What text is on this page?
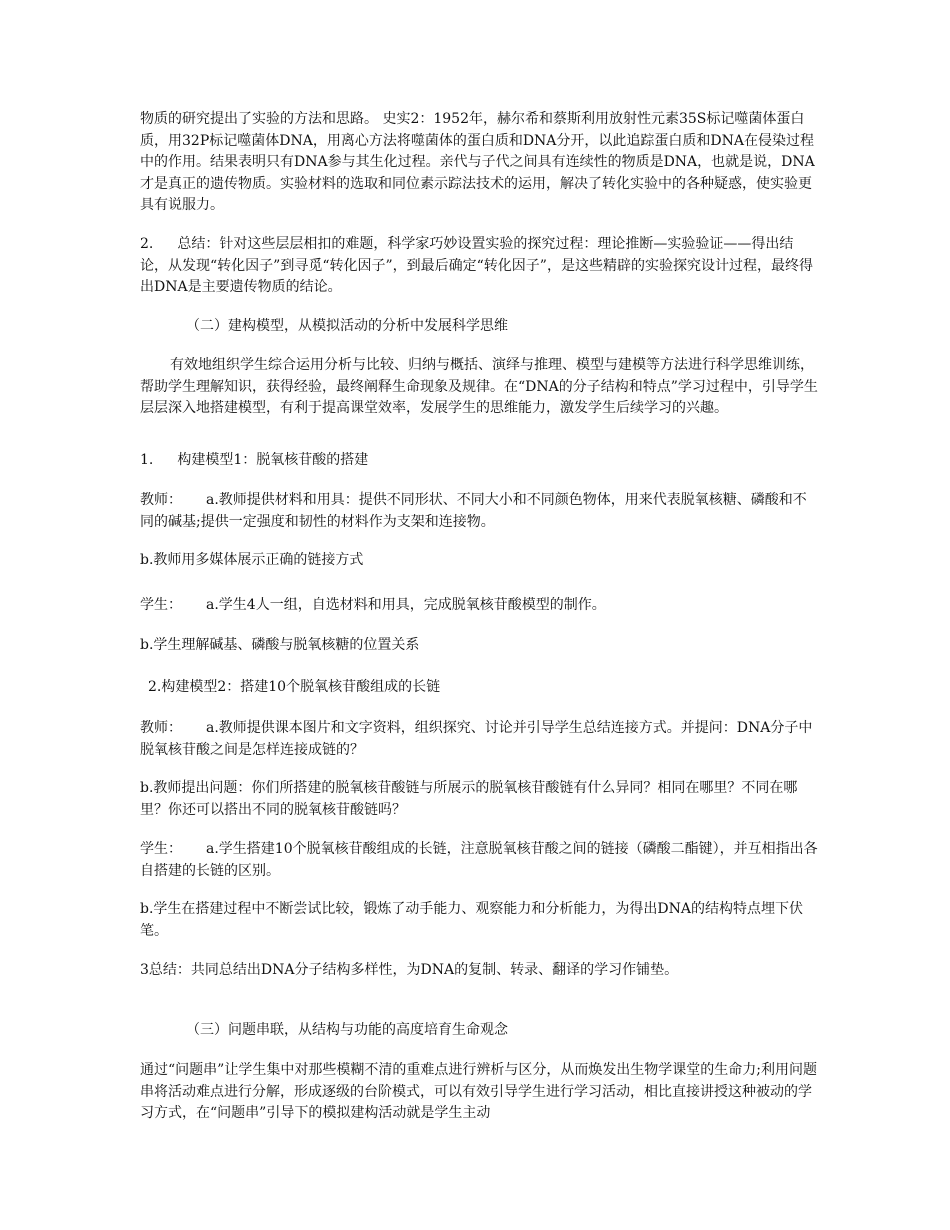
物质的研究提出了实验的方法和思路。 史实2：1952年，赫尔希和蔡斯利用放射性元素35S标记噬菌体蛋白质，用32P标记噬菌体DNA，用离心方法将噬菌体的蛋白质和DNA分开，以此追踪蛋白质和DNA在侵染过程中的作用。结果表明只有DNA参与其生化过程。亲代与子代之间具有连续性的物质是DNA，也就是说，DNA才是真正的遗传物质。实验材料的选取和同位素示踪法技术的运用，解决了转化实验中的各种疑惑，使实验更具有说服力。

2. 总结：针对这些层层相扣的难题，科学家巧妙设置实验的探究过程：理论推断—实验验证——得出结论，从发现“转化因子”到寻觅“转化因子”，到最后确定“转化因子”，是这些精辟的实验探究设计过程，最终得出DNA是主要遗传物质的结论。

（二）建构模型，从模拟活动的分析中发展科学思维

有效地组织学生综合运用分析与比较、归纳与概括、演绎与推理、模型与建模等方法进行科学思维训练，帮助学生理解知识，获得经验，最终阐释生命现象及规律。在“DNA的分子结构和特点”学习过程中，引导学生层层深入地搭建模型，有利于提高课堂效率，发展学生的思维能力，激发学生后续学习的兴趣。

1. 构建模型1：脱氧核苷酸的搭建

教师： a.教师提供材料和用具：提供不同形状、不同大小和不同颜色物体，用来代表脱氧核糖、磷酸和不同的碱基;提供一定强度和韧性的材料作为支架和连接物。

b.教师用多媒体展示正确的链接方式

学生： a.学生4人一组，自选材料和用具，完成脱氧核苷酸模型的制作。

b.学生理解碱基、磷酸与脱氧核糖的位置关系

2.构建模型2：搭建10个脱氧核苷酸组成的长链

教师： a.教师提供课本图片和文字资料，组织探究、讨论并引导学生总结连接方式。并提问：DNA分子中脱氧核苷酸之间是怎样连接成链的？

b.教师提出问题：你们所搭建的脱氧核苷酸链与所展示的脱氧核苷酸链有什么异同？相同在哪里？不同在哪里？你还可以搭出不同的脱氧核苷酸链吗？

学生： a.学生搭建10个脱氧核苷酸组成的长链，注意脱氧核苷酸之间的链接（磷酸二酯键），并互相指出各自搭建的长链的区别。

b.学生在搭建过程中不断尝试比较，锻炼了动手能力、观察能力和分析能力，为得出DNA的结构特点埋下伏笔。

3总结：共同总结出DNA分子结构多样性，为DNA的复制、转录、翻译的学习作铺垫。

（三）问题串联，从结构与功能的高度培育生命观念

通过“问题串”让学生集中对那些模糊不清的重难点进行辨析与区分，从而焕发出生物学课堂的生命力;利用问题串将活动难点进行分解，形成逐级的台阶模式，可以有效引导学生进行学习活动，相比直接讲授这种被动的学习方式，在“问题串”引导下的模拟建构活动就是学生主动
